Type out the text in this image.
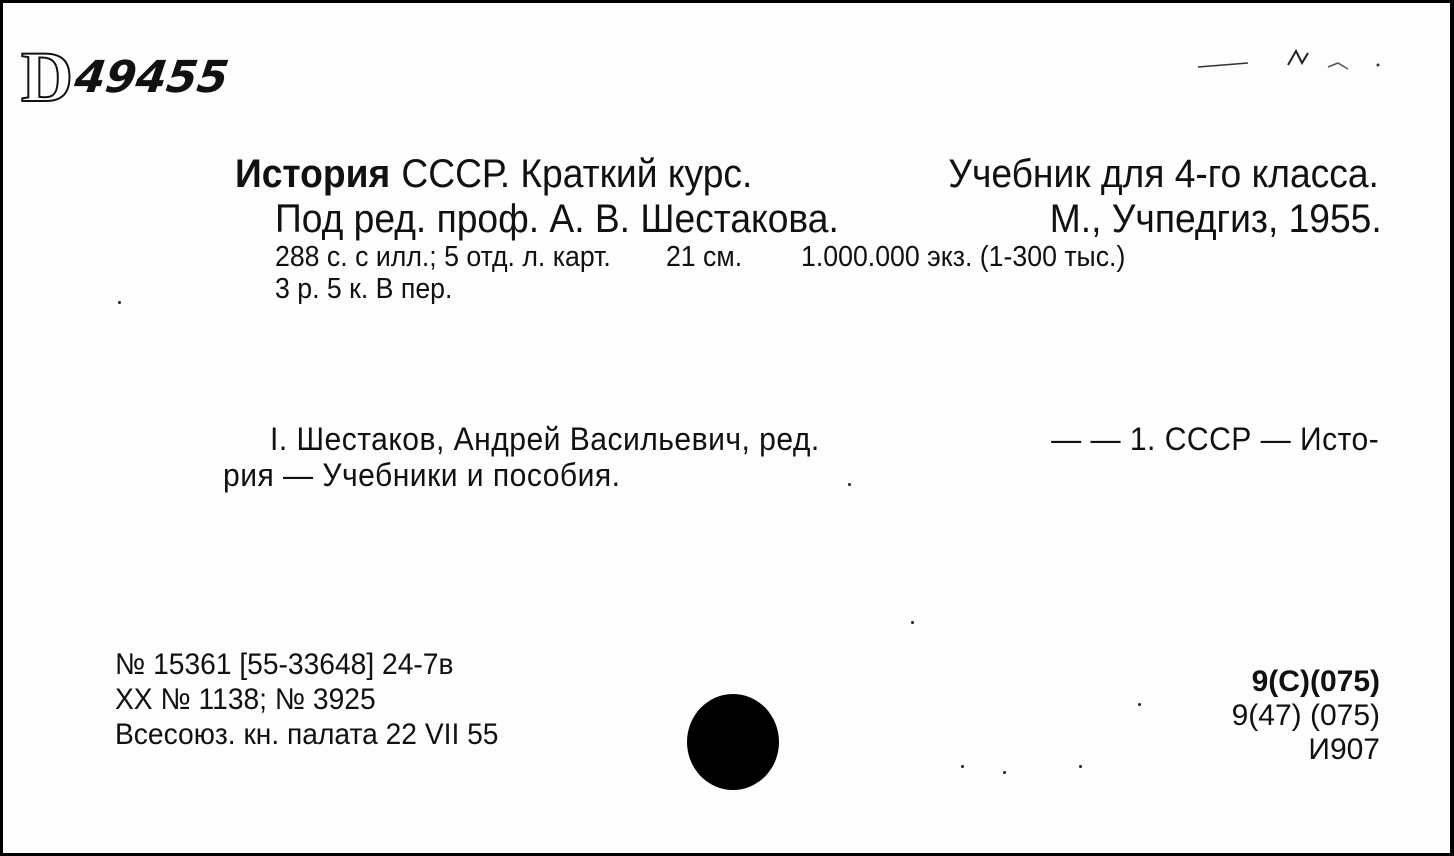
D
49455
История СССР. Краткий курс.	Учебник для 4-го класса.
Под ред. проф. А. В. Шестакова.	М., Учпедгиз, 1955.
288 с. с илл.; 5 отд. л. карт. 21 см. 1.000.000 экз. (1-300 тыс.)
3 р. 5 к. В пер.
I. Шестаков, Андрей Васильевич, ред.	— — 1. СССР — Исто-
рия — Учебники и пособия.
№ 15361 [55-33648] 24-7в
XX № 1138; № 3925
Всесоюз. кн. палата 22 VII 55
9(C)(075)
9(47) (075)
И907
